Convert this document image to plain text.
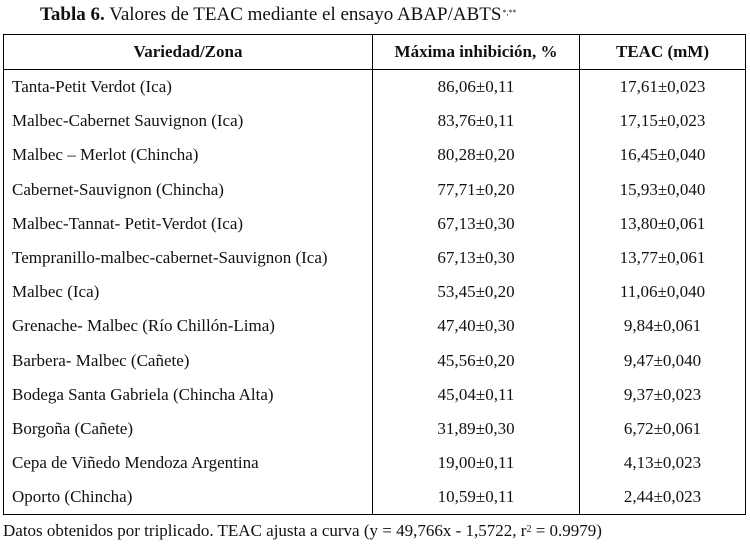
Tabla 6. Valores de TEAC mediante el ensayo ABAP/ABTS*,**
Variedad/Zona	Máxima inhibición, %	TEAC (mM)
Tanta-Petit Verdot (Ica)	86,06±0,11	17,61±0,023
Malbec-Cabernet Sauvignon (Ica)	83,76±0,11	17,15±0,023
Malbec – Merlot (Chincha)	80,28±0,20	16,45±0,040
Cabernet-Sauvignon (Chincha)	77,71±0,20	15,93±0,040
Malbec-Tannat- Petit-Verdot (Ica)	67,13±0,30	13,80±0,061
Tempranillo-malbec-cabernet-Sauvignon (Ica)	67,13±0,30	13,77±0,061
Malbec (Ica)	53,45±0,20	11,06±0,040
Grenache- Malbec (Río Chillón-Lima)	47,40±0,30	9,84±0,061
Barbera- Malbec (Cañete)	45,56±0,20	9,47±0,040
Bodega Santa Gabriela (Chincha Alta)	45,04±0,11	9,37±0,023
Borgoña (Cañete)	31,89±0,30	6,72±0,061
Cepa de Viñedo Mendoza Argentina	19,00±0,11	4,13±0,023
Oporto (Chincha)	10,59±0,11	2,44±0,023
Datos obtenidos por triplicado. TEAC ajusta a curva (y = 49,766x - 1,5722, $r^2 = 0.9979$)
